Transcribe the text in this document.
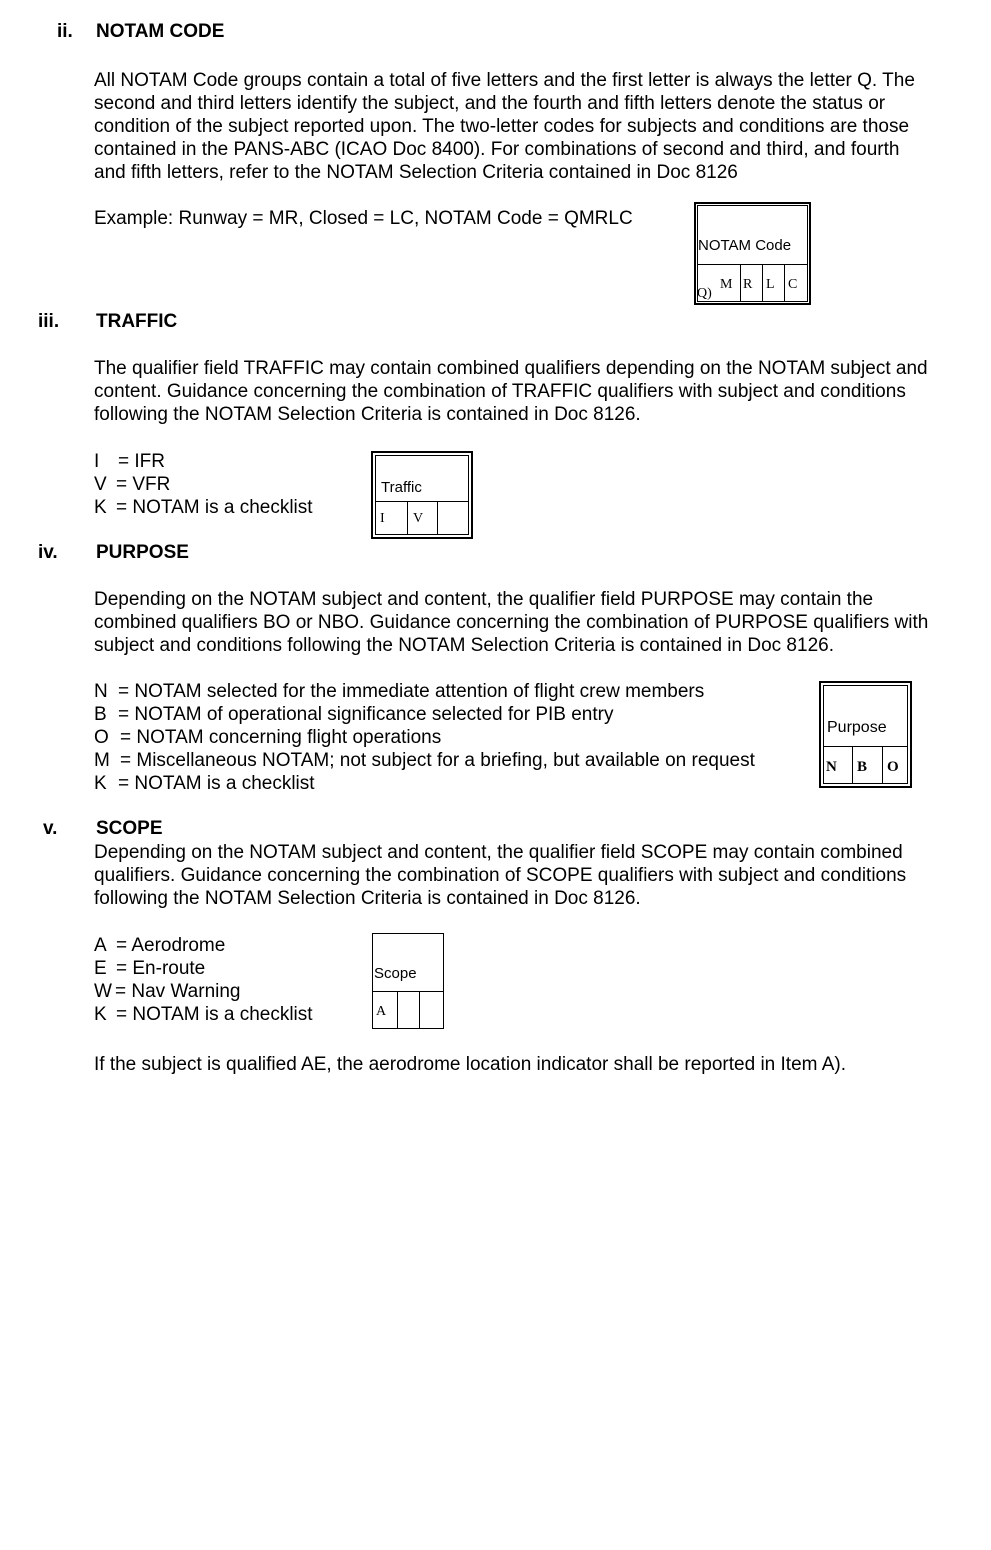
ii. NOTAM CODE
All NOTAM Code groups contain a total of five letters and the first letter is always the letter Q. The
second and third letters identify the subject, and the fourth and fifth letters denote the status or
condition of the subject reported upon. The two-letter codes for subjects and conditions are those
contained in the PANS-ABC (ICAO Doc 8400). For combinations of second and third, and fourth
and fifth letters, refer to the NOTAM Selection Criteria contained in Doc 8126
Example: Runway = MR, Closed = LC, NOTAM Code = QMRLC
NOTAM Code
Q)
M R L C
iii. TRAFFIC
The qualifier field TRAFFIC may contain combined qualifiers depending on the NOTAM subject and
content. Guidance concerning the combination of TRAFFIC qualifiers with subject and conditions
following the NOTAM Selection Criteria is contained in Doc 8126.
I = IFR
V = VFR
K = NOTAM is a checklist
Traffic
I V
iv. PURPOSE
Depending on the NOTAM subject and content, the qualifier field PURPOSE may contain the
combined qualifiers BO or NBO. Guidance concerning the combination of PURPOSE qualifiers with
subject and conditions following the NOTAM Selection Criteria is contained in Doc 8126.
N = NOTAM selected for the immediate attention of flight crew members
B = NOTAM of operational significance selected for PIB entry
O = NOTAM concerning flight operations
M = Miscellaneous NOTAM; not subject for a briefing, but available on request
K = NOTAM is a checklist
Purpose
N B O
v. SCOPE
Depending on the NOTAM subject and content, the qualifier field SCOPE may contain combined
qualifiers. Guidance concerning the combination of SCOPE qualifiers with subject and conditions
following the NOTAM Selection Criteria is contained in Doc 8126.
A = Aerodrome
E = En-route
W = Nav Warning
K = NOTAM is a checklist
Scope
A
If the subject is qualified AE, the aerodrome location indicator shall be reported in Item A).
